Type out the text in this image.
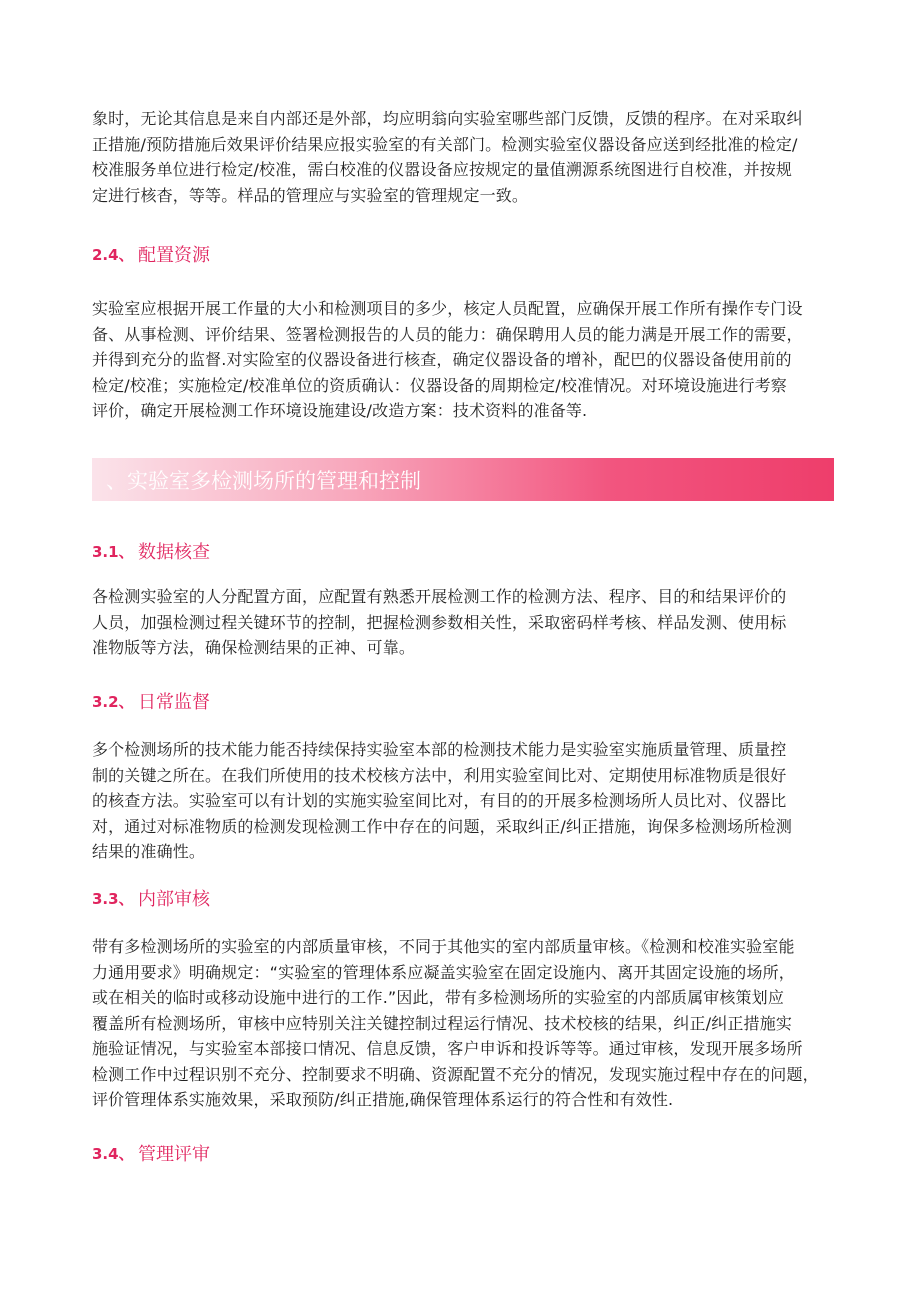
象时，无论其信息是来自内部还是外部，均应明翁向实验室哪些部门反馈，反馈的程序。在对采取纠
正措施/预防措施后效果评价结果应报实验室的有关部门。检测实验室仪器设备应送到经批准的检定/
校准服务单位进行检定/校准，需白校准的仪嚣设备应按规定的量值溯源系统图进行自校准，并按规
定进行核杳，等等。样品的管理应与实验室的管理规定一致。
2.4、 配置资源
实验室应根据开展工作量的大小和检测项目的多少，核定人员配置，应确保开展工作所有操作专门设
备、从事检测、评价结果、签署检测报告的人员的能力：确保聘用人员的能力满是开展工作的需要，
并得到充分的监督.对实险室的仪器设备进行核查，确定仪器设备的增补，配巴的仪器设备使用前的
检定/校准；实施检定/校准单位的资质确认：仪器设备的周期检定/校准情况。对环境设施进行考察
评价，确定开展检测工作环境设施建设/改造方案：技术资料的准备等.
、实验室多检测场所的管理和控制
3.1、 数据核查
各检测实验室的人分配置方面，应配置有熟悉开展检测工作的检测方法、程序、目的和结果评价的
人员，加强检测过程关键环节的控制，把握检测参数相关性，采取密码样考核、样品发测、使用标
准物版等方法，确保检测结果的正神、可靠。
3.2、 日常监督
多个检测场所的技术能力能否持续保持实验室本部的检测技术能力是实验室实施质量管理、质量控
制的关键之所在。在我们所使用的技术校核方法中，利用实验室间比对、定期使用标准物质是很好
的核查方法。实验室可以有计划的实施实验室间比对，有目的的开展多检测场所人员比对、仪器比
对，通过对标准物质的检测发现检测工作中存在的问题，采取纠正/纠正措施，询保多检测场所检测
结果的准确性。
3.3、 内部审核
带有多检测场所的实验室的内部质量审核，不同于其他实的室内部质量审核。《检测和校准实验室能
力通用要求》明确规定：“实验室的管理体系应凝盖实验室在固定设施内、离开其固定设施的场所，
或在相关的临时或移动设施中进行的工作.”因此，带有多检测场所的实验室的内部质属审核策划应
覆盖所有检测场所，审核中应特别关注关键控制过程运行情况、技术校核的结果，纠正/纠正措施实
施验证情况，与实验室本部接口情况、信息反馈，客户申诉和投诉等等。通过审核，发现开展多场所
检测工作中过程识别不充分、控制要求不明确、资源配置不充分的情况，发现实施过程中存在的问题，
评价管理体系实施效果，采取预防/纠正措施,确保管理体系运行的符合性和有效性.
3.4、 管理评审
